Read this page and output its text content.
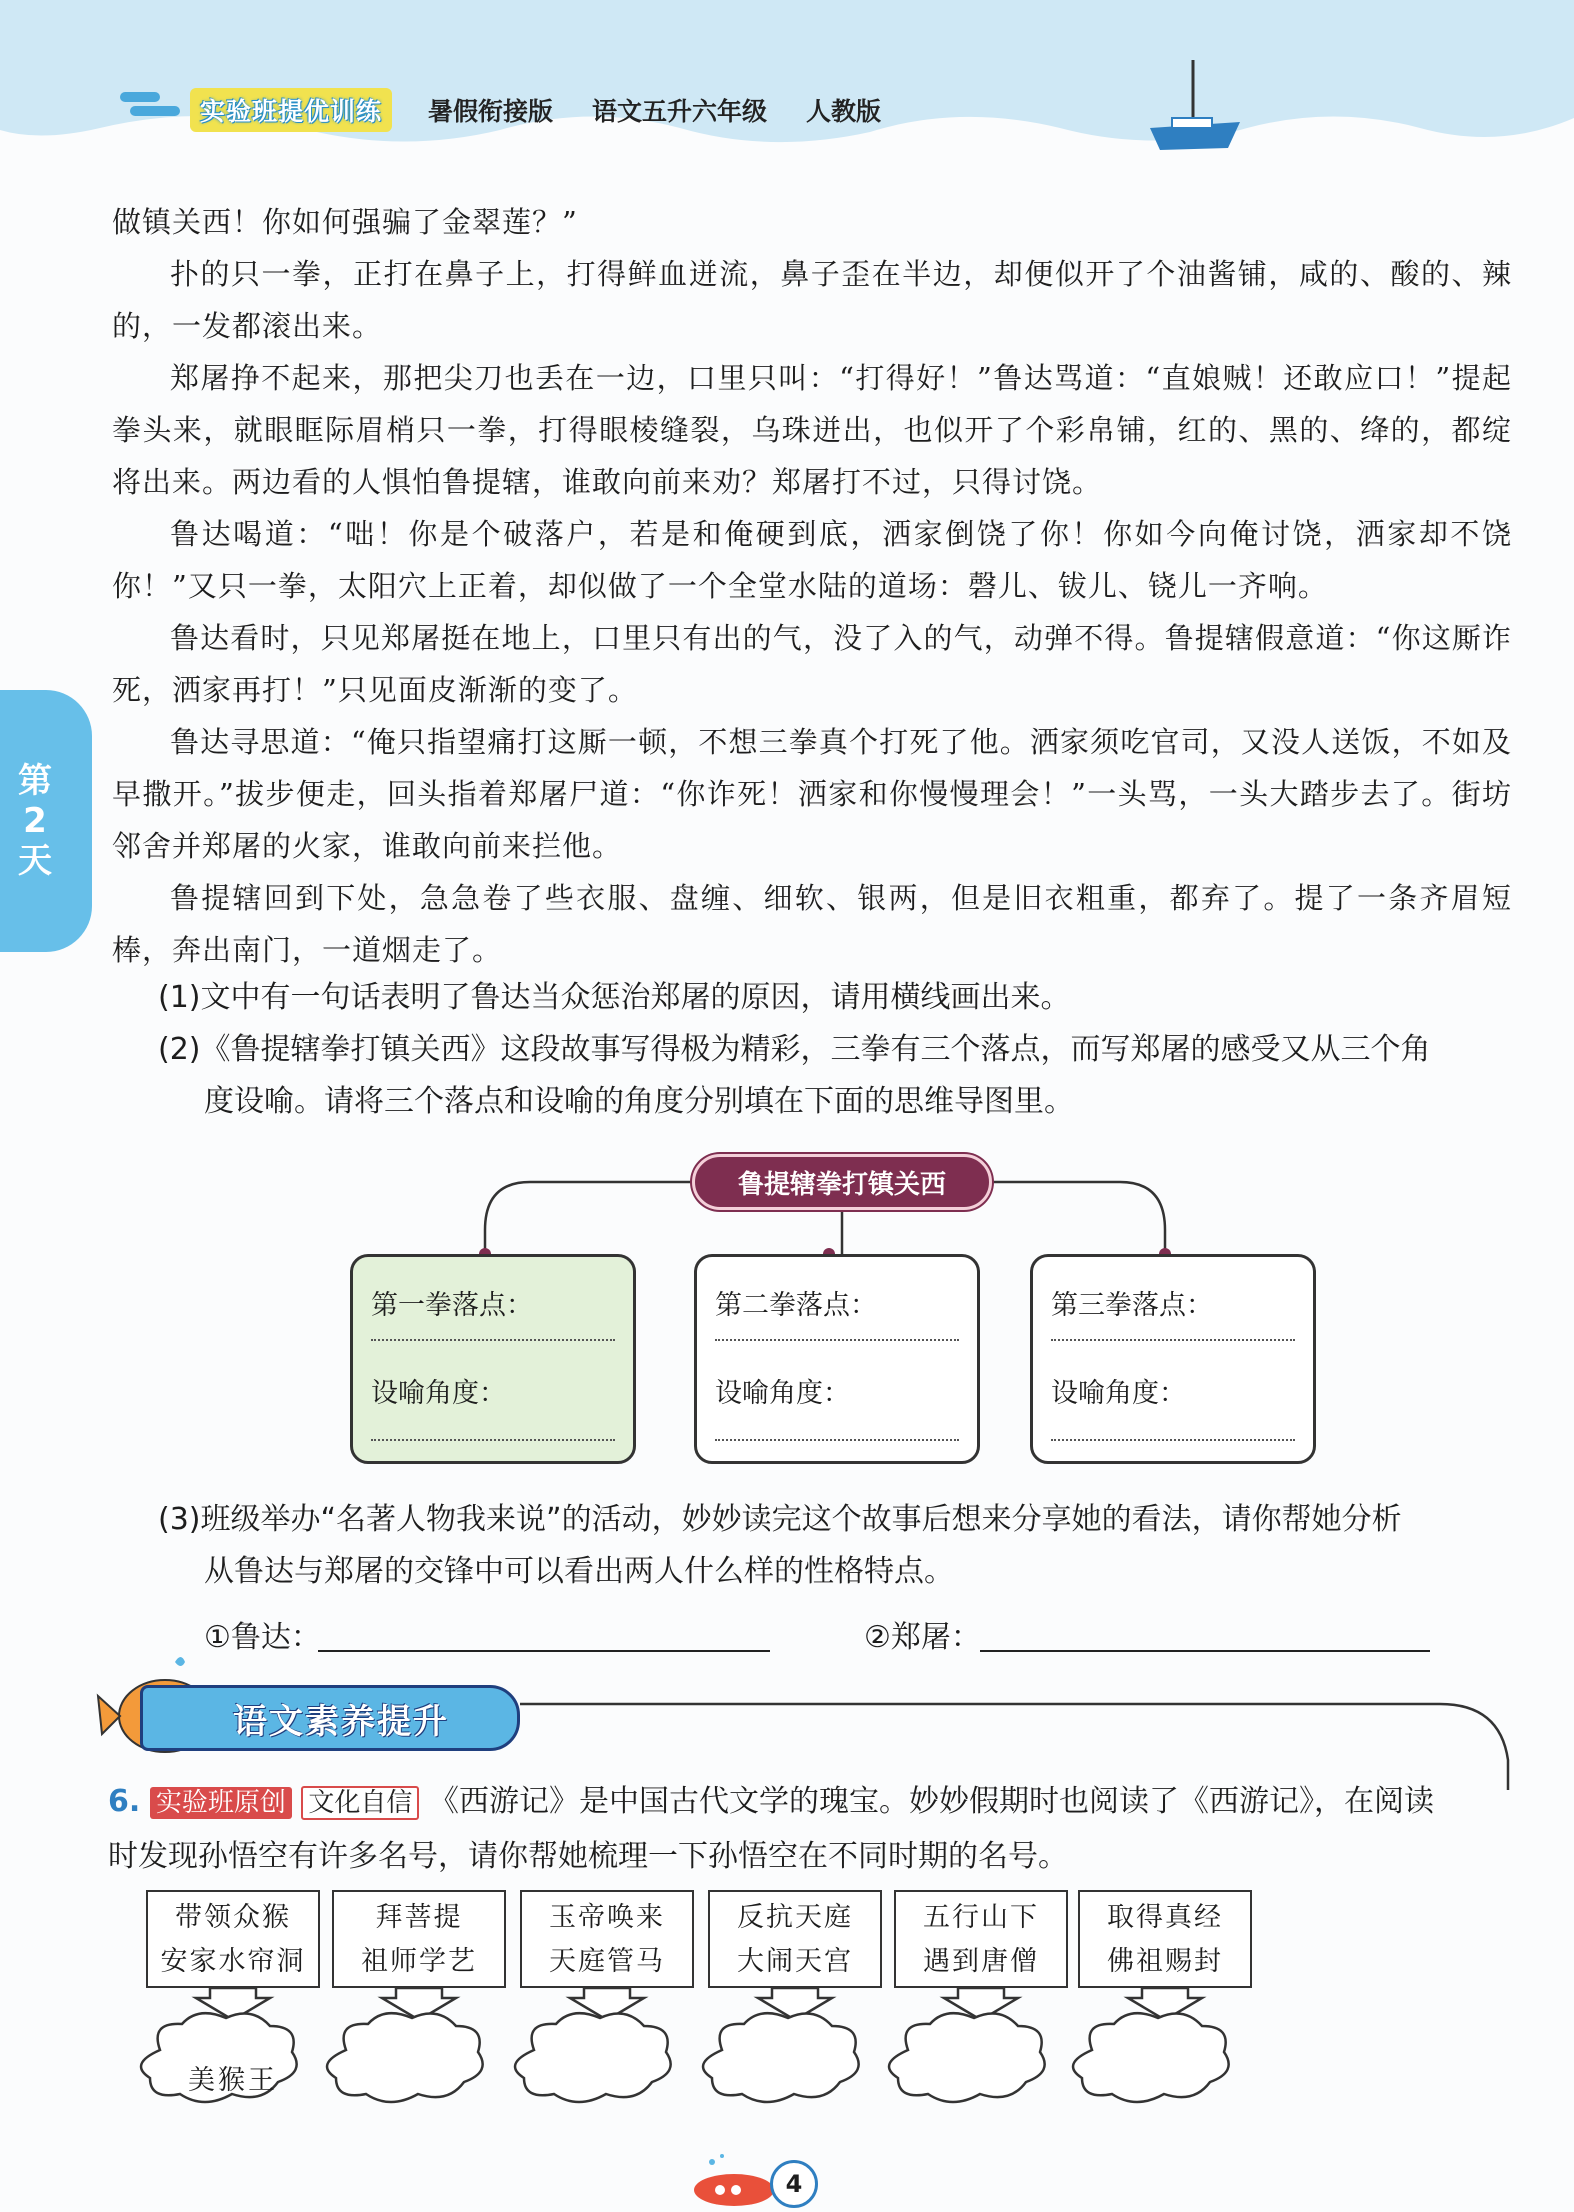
实验班提优训练	暑假衔接版 语文五升六年级 人教版
第
2
天

做镇关西！你如何强骗了金翠莲？”

扑的只一拳，正打在鼻子上，打得鲜血迸流，鼻子歪在半边，却便似开了个油酱铺，咸的、酸的、辣的，一发都滚出来。

郑屠挣不起来，那把尖刀也丢在一边，口里只叫：“打得好！”鲁达骂道：“直娘贼！还敢应口！”提起拳头来，就眼眶际眉梢只一拳，打得眼棱缝裂，乌珠迸出，也似开了个彩帛铺，红的、黑的、绛的，都绽将出来。两边看的人惧怕鲁提辖，谁敢向前来劝？郑屠打不过，只得讨饶。

鲁达喝道：“咄！你是个破落户，若是和俺硬到底，洒家倒饶了你！你如今向俺讨饶，洒家却不饶你！”又只一拳，太阳穴上正着，却似做了一个全堂水陆的道场：磬儿、钹儿、铙儿一齐响。

鲁达看时，只见郑屠挺在地上，口里只有出的气，没了入的气，动弹不得。鲁提辖假意道：“你这厮诈死，洒家再打！”只见面皮渐渐的变了。

鲁达寻思道：“俺只指望痛打这厮一顿，不想三拳真个打死了他。洒家须吃官司，又没人送饭，不如及早撒开。”拔步便走，回头指着郑屠尸道：“你诈死！洒家和你慢慢理会！”一头骂，一头大踏步去了。街坊邻舍并郑屠的火家，谁敢向前来拦他。

鲁提辖回到下处，急急卷了些衣服、盘缠、细软、银两，但是旧衣粗重，都弃了。提了一条齐眉短棒，奔出南门，一道烟走了。

(1)文中有一句话表明了鲁达当众惩治郑屠的原因，请用横线画出来。
(2)《鲁提辖拳打镇关西》这段故事写得极为精彩，三拳有三个落点，而写郑屠的感受又从三个角
度设喻。请将三个落点和设喻的角度分别填在下面的思维导图里。
鲁提辖拳打镇关西
第一拳落点：
设喻角度：
第二拳落点：
设喻角度：
第三拳落点：
设喻角度：
(3)班级举办“名著人物我来说”的活动，妙妙读完这个故事后想来分享她的看法，请你帮她分析
从鲁达与郑屠的交锋中可以看出两人什么样的性格特点。
①鲁达：	②郑屠：
语文素养提升
6. 实验班原创 文化自信 《西游记》是中国古代文学的瑰宝。妙妙假期时也阅读了《西游记》，在阅读
时发现孙悟空有许多名号，请你帮她梳理一下孙悟空在不同时期的名号。
带领众猴
安家水帘洞
拜菩提
祖师学艺
玉帝唤来
天庭管马
反抗天庭
大闹天宫
五行山下
遇到唐僧
取得真经
佛祖赐封
美猴王
4
